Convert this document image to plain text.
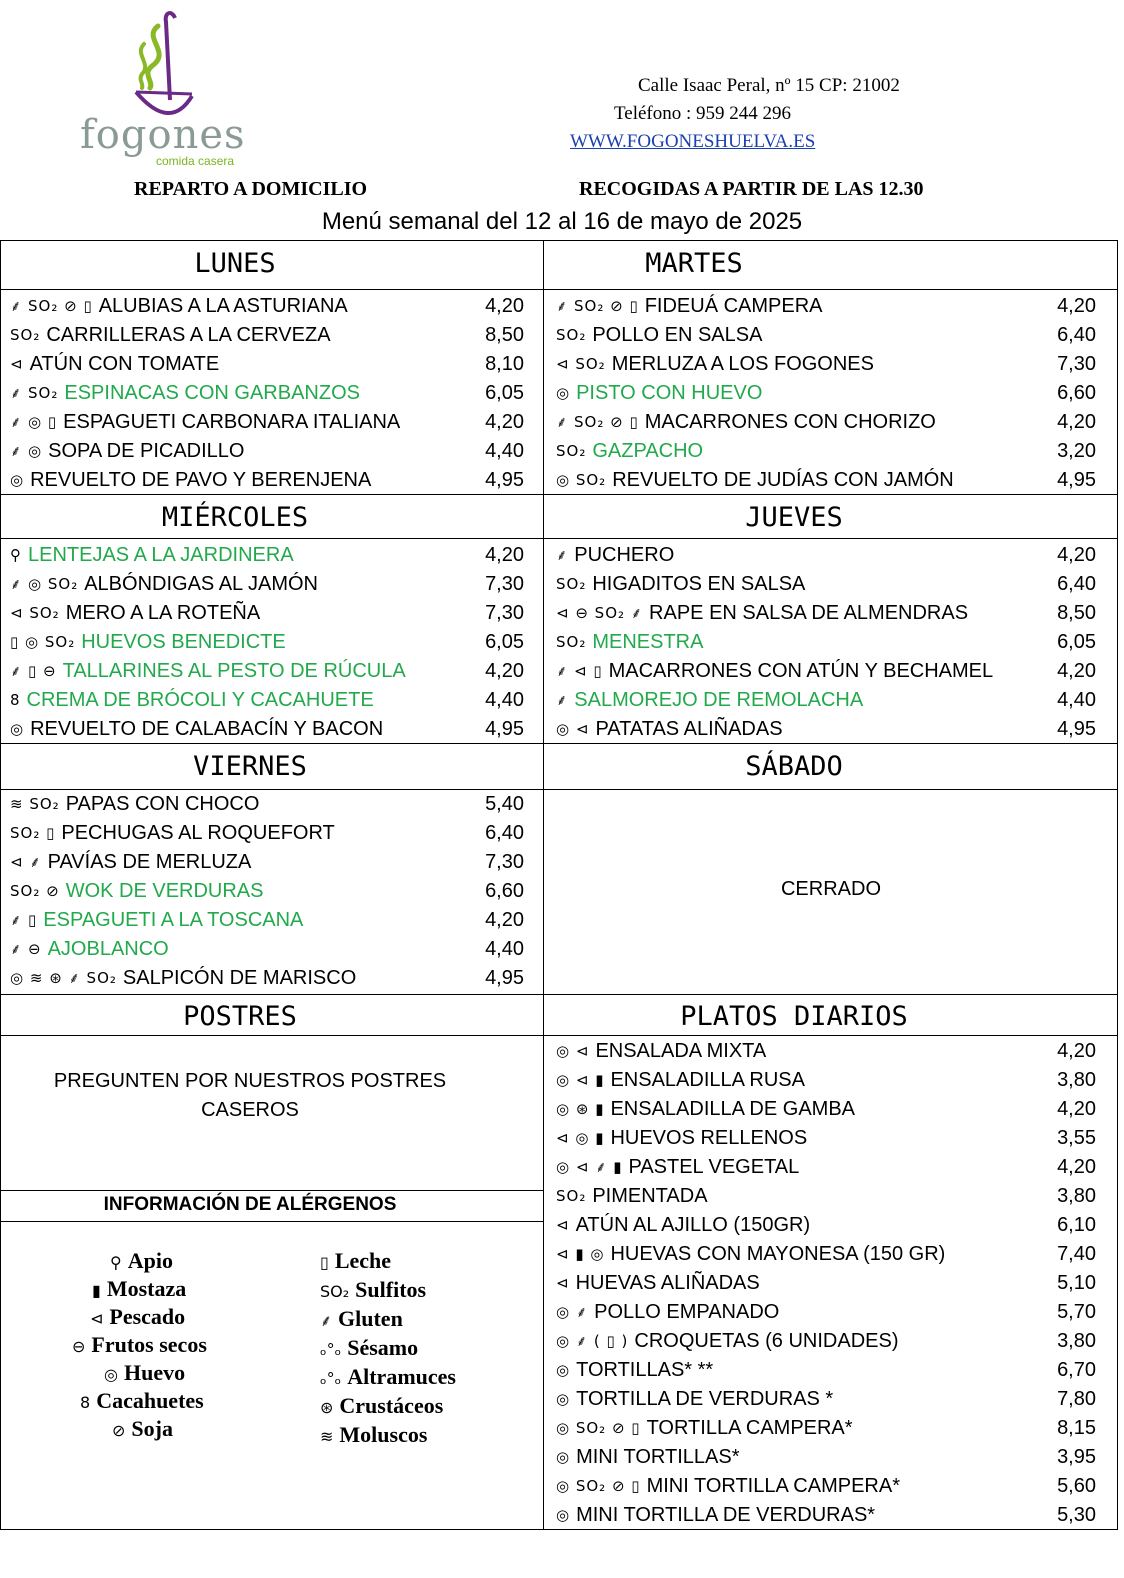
fogones
comida casera
Calle Isaac Peral, nº 15 CP: 21002
Teléfono : 959 244 296
WWW.FOGONESHUELVA.ES
REPARTO A DOMICILIO	RECOGIDAS A PARTIR DE LAS 12.30
Menú semanal del 12 al 16 de mayo de 2025
LUNES	MARTES
MIÉRCOLES	JUEVES
VIERNES	SÁBADO
POSTRES	PLATOS DIARIOS
⸙ SO₂ ⊘ ▯ ALUBIAS A LA ASTURIANA	4,20
SO₂ CARRILLERAS A LA CERVEZA	8,50
⊲ ATÚN CON TOMATE	8,10
⸙ SO₂ ESPINACAS CON GARBANZOS	6,05
⸙ ◎ ▯ ESPAGUETI CARBONARA ITALIANA	4,20
⸙ ◎ SOPA DE PICADILLO	4,40
◎ REVUELTO DE PAVO Y BERENJENA	4,95
⸙ SO₂ ⊘ ▯ FIDEUÁ CAMPERA	4,20
SO₂ POLLO EN SALSA	6,40
⊲ SO₂ MERLUZA A LOS FOGONES	7,30
◎ PISTO CON HUEVO	6,60
⸙ SO₂ ⊘ ▯ MACARRONES CON CHORIZO	4,20
SO₂ GAZPACHO	3,20
◎ SO₂ REVUELTO DE JUDÍAS CON JAMÓN	4,95
⚲ LENTEJAS A LA JARDINERA	4,20
⸙ ◎ SO₂ ALBÓNDIGAS AL JAMÓN	7,30
⊲ SO₂ MERO A LA ROTEÑA	7,30
▯ ◎ SO₂ HUEVOS BENEDICTE	6,05
⸙ ▯ ⊖ TALLARINES AL PESTO DE RÚCULA	4,20
8 CREMA DE BRÓCOLI Y CACAHUETE	4,40
◎ REVUELTO DE CALABACÍN Y BACON	4,95
⸙ PUCHERO	4,20
SO₂ HIGADITOS EN SALSA	6,40
⊲ ⊖ SO₂ ⸙ RAPE EN SALSA DE ALMENDRAS	8,50
SO₂ MENESTRA	6,05
⸙ ⊲ ▯ MACARRONES CON ATÚN Y BECHAMEL	4,20
⸙ SALMOREJO DE REMOLACHA	4,40
◎ ⊲ PATATAS ALIÑADAS	4,95
≋ SO₂ PAPAS CON CHOCO	5,40
SO₂ ▯ PECHUGAS AL ROQUEFORT	6,40
⊲ ⸙ PAVÍAS DE MERLUZA	7,30
SO₂ ⊘ WOK DE VERDURAS	6,60
⸙ ▯ ESPAGUETI A LA TOSCANA	4,20
⸙ ⊖ AJOBLANCO	4,40
◎ ≋ ⊛ ⸙ SO₂ SALPICÓN DE MARISCO	4,95
◎ ⊲ ENSALADA MIXTA	4,20
◎ ⊲ ▮ ENSALADILLA RUSA	3,80
◎ ⊛ ▮ ENSALADILLA DE GAMBA	4,20
⊲ ◎ ▮ HUEVOS RELLENOS	3,55
◎ ⊲ ⸙ ▮ PASTEL VEGETAL	4,20
SO₂ PIMENTADA	3,80
⊲ ATÚN AL AJILLO (150GR)	6,10
⊲ ▮ ◎ HUEVAS CON MAYONESA (150 GR)	7,40
⊲ HUEVAS ALIÑADAS	5,10
◎ ⸙ POLLO EMPANADO	5,70
◎ ⸙ ( ▯ ) CROQUETAS (6 UNIDADES)	3,80
◎ TORTILLAS* **	6,70
◎ TORTILLA DE VERDURAS *	7,80
◎ SO₂ ⊘ ▯ TORTILLA CAMPERA*	8,15
◎ MINI TORTILLAS*	3,95
◎ SO₂ ⊘ ▯ MINI TORTILLA CAMPERA*	5,60
◎ MINI TORTILLA DE VERDURAS*	5,30
CERRADO
PREGUNTEN POR NUESTROS POSTRES
CASEROS
INFORMACIÓN DE ALÉRGENOS
⚲ Apio
▮ Mostaza
⊲ Pescado
⊖ Frutos secos
◎ Huevo
8 Cacahuetes
⊘ Soja
▯ Leche
SO₂ Sulfitos
⸙ Gluten
ₒ°ₒ Sésamo
ₒ°ₒ Altramuces
⊛ Crustáceos
≋ Moluscos
